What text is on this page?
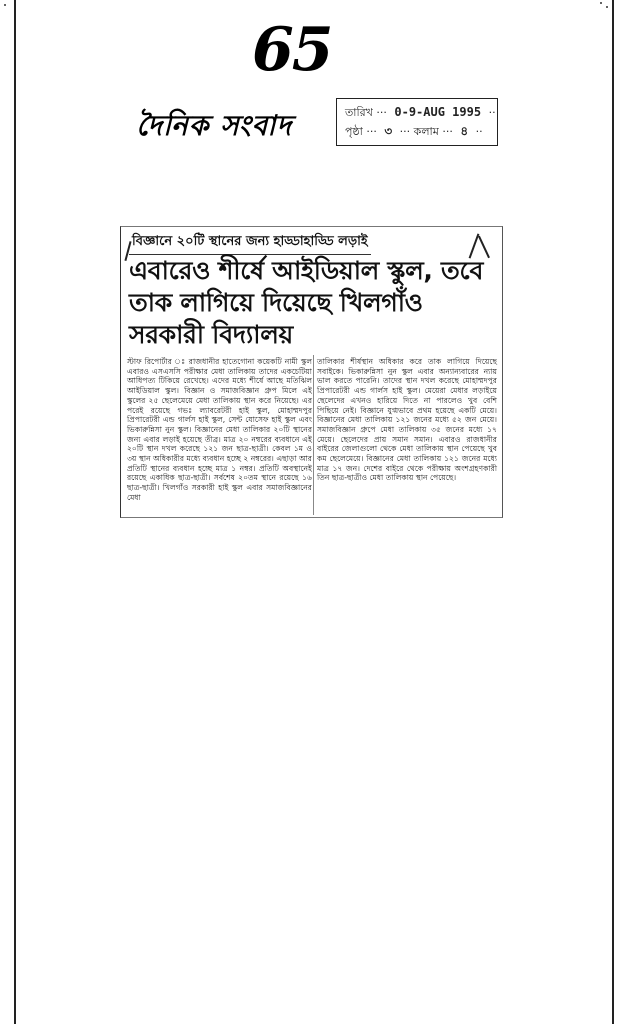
65
দৈনিক সংবাদ	তারিখ ··· 0-9-AUG 1995 ··
পৃষ্ঠা ··· ৩ ··· কলাম ··· ৪ ··
বিজ্ঞানে ২০টি স্থানের জন্য হাড্ডাহাড্ডি লড়াই
এবারেও শীর্ষে আইডিয়াল স্কুল, তবে তাক লাগিয়ে দিয়েছে খিলগাঁও সরকারী বিদ্যালয়
স্টাফ রিপোর্টার ঃ রাজধানীর হাতেগোনা কয়েকটি নামী স্কুল এবারও এসএসসি পরীক্ষার মেধা তালিকায় তাদের একচেটিয়া আধিপত্য টিকিয়ে রেখেছে। এদের মধ্যে শীর্ষে আছে মতিঝিল আইডিয়াল স্কুল। বিজ্ঞান ও সমাজবিজ্ঞান গ্রুপ মিলে এই স্কুলের ২৫ ছেলেমেয়ে মেধা তালিকায় স্থান করে নিয়েছে। এর পরেই রয়েছে গভঃ ল্যাবরেটরী হাই স্কুল, মোহাম্মদপুর প্রিপারেটরী এন্ড গার্লস হাই স্কুল, সেন্ট যোসেফ হাই স্কুল এবং ভিকারুন্নিসা নুন স্কুল। বিজ্ঞানের মেধা তালিকার ২০টি স্থানের জন্য এবার লড়াই হয়েছে তীব্র। মাত্র ২০ নম্বরের ব্যবধানে এই ২০টি স্থান দখল করেছে ১২১ জন ছাত্র-ছাত্রী। কেবল ১ম ও ৩য় স্থান অধিকারীর মধ্যে ব্যবধান হচ্ছে ২ নম্বরের। এছাড়া আর প্রতিটি স্থানের ব্যবধান হচ্ছে মাত্র ১ নম্বর। প্রতিটি অবস্থানেই রয়েছে একাধিক ছাত্র-ছাত্রী। সর্বশেষ ২০তম স্থানে রয়েছে ১৬ ছাত্র-ছাত্রী। খিলগাঁও সরকারী হাই স্কুল এবার সমাজবিজ্ঞানের মেধা
তালিকার শীর্ষস্থান অধিকার করে তাক লাগিয়ে দিয়েছে সবাইকে। ভিকারুন্নিসা নুন স্কুল এবার অন্যান্যবারের ন্যায় ভাল করতে পারেনি। তাদের স্থান দখল করেছে মোহাম্মদপুর প্রিপারেটরী এন্ড গার্লস হাই স্কুল। মেয়েরা মেধার লড়াইয়ে ছেলেদের এখনও হারিয়ে দিতে না পারলেও খুব বেশি পিছিয়ে নেই। বিজ্ঞানে যুগ্মভাবে প্রথম হয়েছে একটি মেয়ে। বিজ্ঞানের মেধা তালিকায় ১২১ জনের মধ্যে ৫২ জন মেয়ে। সমাজবিজ্ঞান গ্রুপে মেধা তালিকায় ৩৫ জনের মধ্যে ১৭ মেয়ে। ছেলেদের প্রায় সমান সমান। এবারও রাজধানীর বাইরের জেলাগুলো থেকে মেধা তালিকায় স্থান পেয়েছে খুব কম ছেলেমেয়ে। বিজ্ঞানের মেধা তালিকায় ১২১ জনের মধ্যে মাত্র ১৭ জন। দেশের বাইরে থেকে পরীক্ষায় অংশগ্রহণকারী তিন ছাত্র-ছাত্রীও মেধা তালিকায় স্থান পেয়েছে।
